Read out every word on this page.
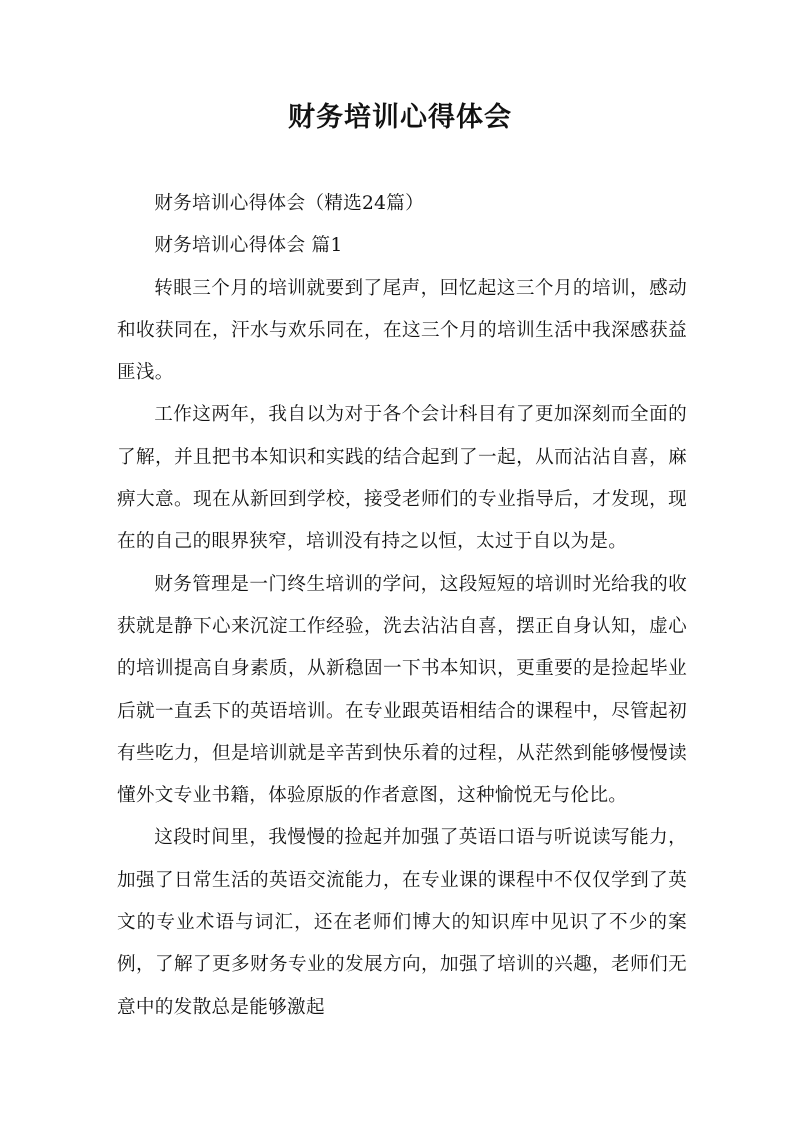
财务培训心得体会

财务培训心得体会（精选24篇）

财务培训心得体会 篇1

转眼三个月的培训就要到了尾声，回忆起这三个月的培训，感动和收获同在，汗水与欢乐同在，在这三个月的培训生活中我深感获益匪浅。

工作这两年，我自以为对于各个会计科目有了更加深刻而全面的了解，并且把书本知识和实践的结合起到了一起，从而沾沾自喜，麻痹大意。现在从新回到学校，接受老师们的专业指导后，才发现，现在的自己的眼界狭窄，培训没有持之以恒，太过于自以为是。

财务管理是一门终生培训的学问，这段短短的培训时光给我的收获就是静下心来沉淀工作经验，洗去沾沾自喜，摆正自身认知，虚心的培训提高自身素质，从新稳固一下书本知识，更重要的是捡起毕业后就一直丢下的英语培训。在专业跟英语相结合的课程中，尽管起初有些吃力，但是培训就是辛苦到快乐着的过程，从茫然到能够慢慢读懂外文专业书籍，体验原版的作者意图，这种愉悦无与伦比。

这段时间里，我慢慢的捡起并加强了英语口语与听说读写能力，加强了日常生活的英语交流能力，在专业课的课程中不仅仅学到了英文的专业术语与词汇，还在老师们博大的知识库中见识了不少的案例，了解了更多财务专业的发展方向，加强了培训的兴趣，老师们无意中的发散总是能够激起
